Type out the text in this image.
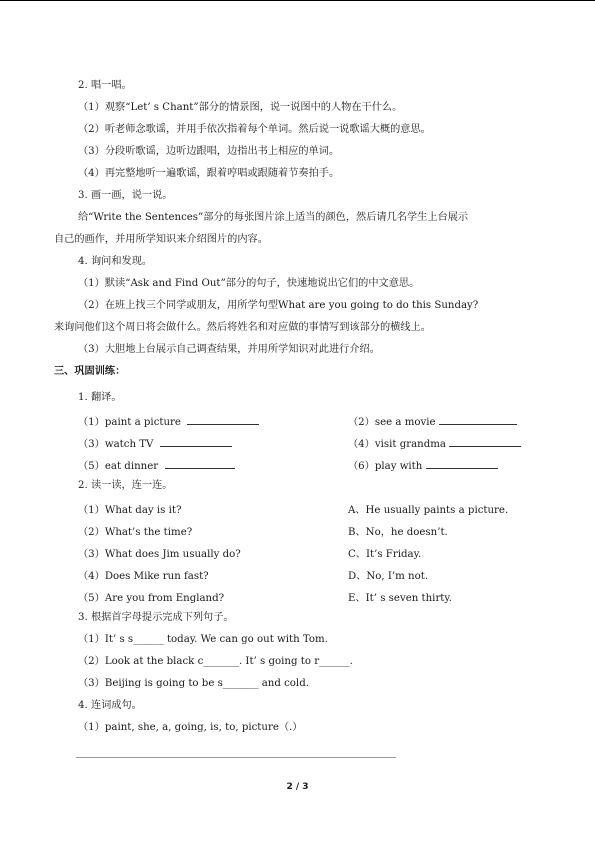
2. 唱一唱。
（1）观察“Let’ s Chant”部分的情景图，说一说图中的人物在干什么。
（2）听老师念歌谣，并用手依次指着每个单词。然后说一说歌谣大概的意思。
（3）分段听歌谣，边听边跟唱，边指出书上相应的单词。
（4）再完整地听一遍歌谣，跟着哼唱或跟随着节奏拍手。
3. 画一画，说一说。
给“Write the Sentences”部分的每张图片涂上适当的颜色，然后请几名学生上台展示
自己的画作，并用所学知识来介绍图片的内容。
4. 询问和发现。
（1）默读“Ask and Find Out”部分的句子，快速地说出它们的中文意思。
（2）在班上找三个同学或朋友，用所学句型What are you going to do this Sunday?
来询问他们这个周日将会做什么。然后将姓名和对应做的事情写到该部分的横线上。
（3）大胆地上台展示自己调查结果，并用所学知识对此进行介绍。
三、巩固训练：
1. 翻译。
（1）paint a picture	（2）see a movie
（3）watch TV	（4）visit grandma
（5）eat dinner	（6）play with
2. 读一读，连一连。
（1）What day is it?	A、He usually paints a picture.
（2）What’s the time?	B、No，he doesn’t.
（3）What does Jim usually do?	C、It’s Friday.
（4）Does Mike run fast?	D、No, I’m not.
（5）Are you from England?	E、It’ s seven thirty.
3. 根据首字母提示完成下列句子。
（1）It’ s s______ today. We can go out with Tom.
（2）Look at the black c_______. It’ s going to r______.
（3）Beijing is going to be s_______ and cold.
4. 连词成句。
（1）paint, she, a, going, is, to, picture（.）
2 / 3
